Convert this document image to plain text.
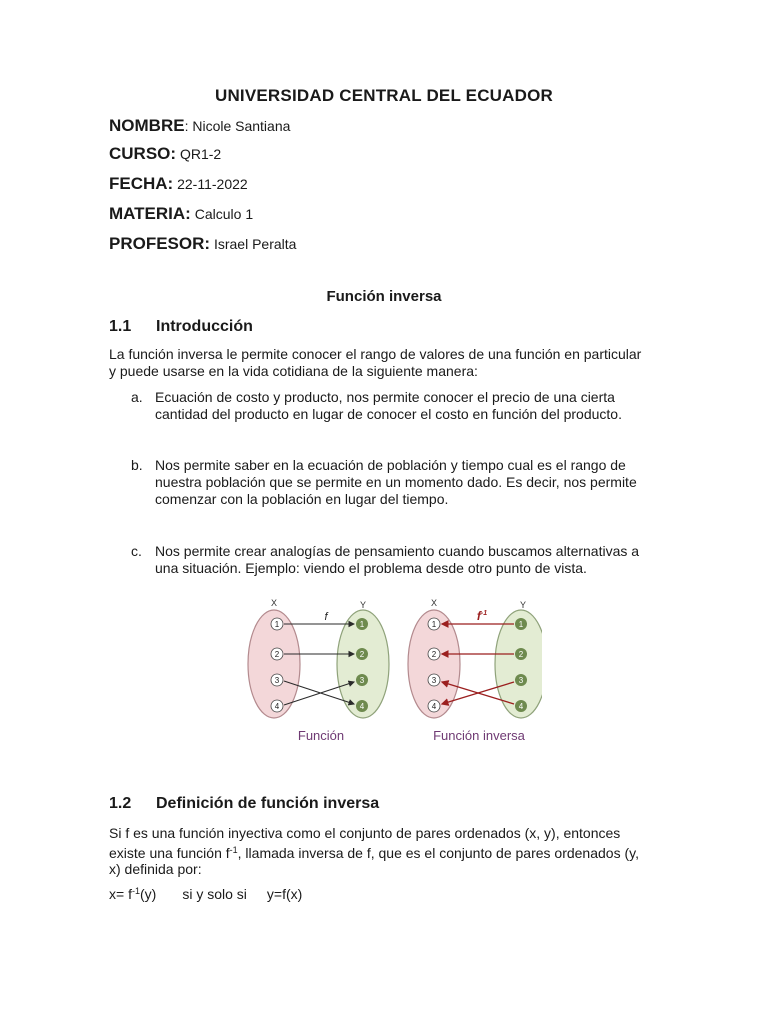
UNIVERSIDAD CENTRAL DEL ECUADOR
NOMBRE: Nicole Santiana
CURSO: QR1-2
FECHA: 22-11-2022
MATERIA: Calculo 1
PROFESOR: Israel Peralta
Función inversa
1.1 Introducción

La función inversa le permite conocer el rango de valores de una función en particular y puede usarse en la vida cotidiana de la siguiente manera:

a. Ecuación de costo y producto, nos permite conocer el precio de una cierta cantidad del producto en lugar de conocer el costo en función del producto.
b. Nos permite saber en la ecuación de población y tiempo cual es el rango de nuestra población que se permite en un momento dado. Es decir, nos permite comenzar con la población en lugar del tiempo.
c. Nos permite crear analogías de pensamiento cuando buscamos alternativas a una situación. Ejemplo: viendo el problema desde otro punto de vista.
X	Y
f
1
2
3
4
1
2
3
4
Función
X	Y
$f^{-1}$
1
2
3
4
1
2
3
4
Función inversa
1.2 Definición de función inversa

Si f es una función inyectiva como el conjunto de pares ordenados (x, y), entonces existe una función $f^{-1}$, llamada inversa de f, que es el conjunto de pares ordenados (y, x) definida por:

$x= f^{-1}(y)$ si y solo si y=f(x)
